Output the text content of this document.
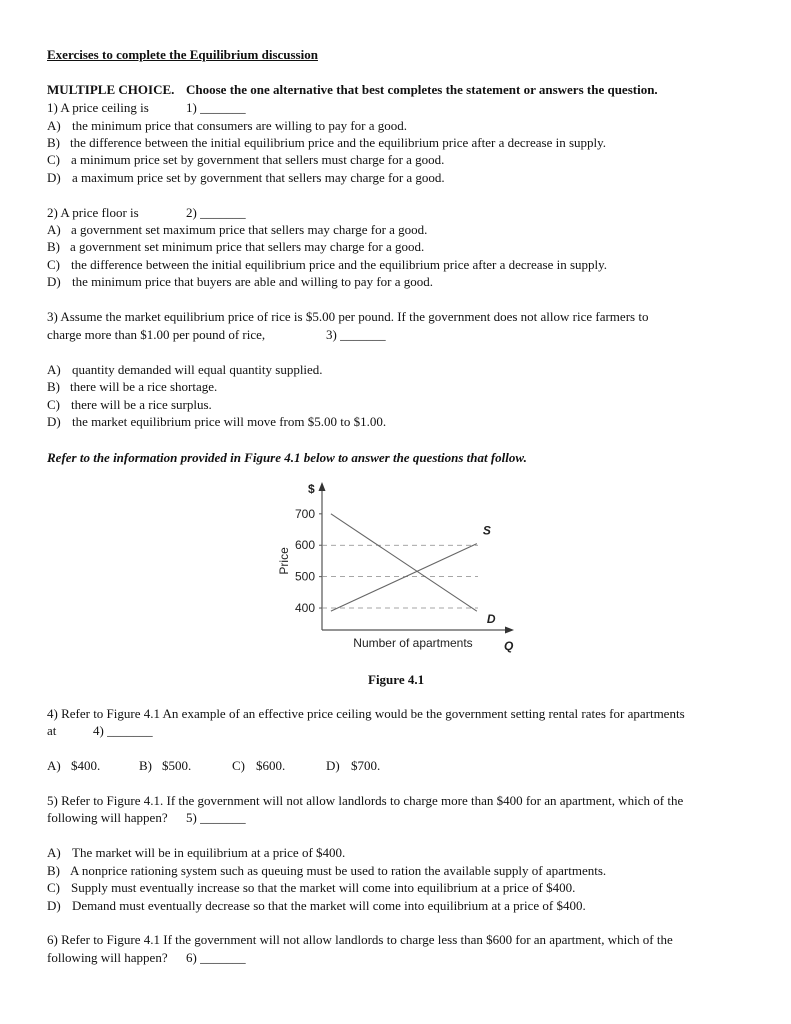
Exercises to complete the Equilibrium discussion
MULTIPLE CHOICE. Choose the one alternative that best completes the statement or answers the question.
1) A price ceiling is	1) _______
A) the minimum price that consumers are willing to pay for a good.
B) the difference between the initial equilibrium price and the equilibrium price after a decrease in supply.
C) a minimum price set by government that sellers must charge for a good.
D) a maximum price set by government that sellers may charge for a good.
2) A price floor is	2) _______
A) a government set maximum price that sellers may charge for a good.
B) a government set minimum price that sellers may charge for a good.
C) the difference between the initial equilibrium price and the equilibrium price after a decrease in supply.
D) the minimum price that buyers are able and willing to pay for a good.
3) Assume the market equilibrium price of rice is $5.00 per pound. If the government does not allow rice farmers to
charge more than $1.00 per pound of rice,	3) _______
A) quantity demanded will equal quantity supplied.
B) there will be a rice shortage.
C) there will be a rice surplus.
D) the market equilibrium price will move from $5.00 to $1.00.
Refer to the information provided in Figure 4.1 below to answer the questions that follow.
700
600
500
400
$
Price
Number of apartments	Q
S
D
Figure 4.1
4) Refer to Figure 4.1 An example of an effective price ceiling would be the government setting rental rates for apartments
at	4) _______
A) $400.	B) $500.	C) $600.	D) $700.
5) Refer to Figure 4.1. If the government will not allow landlords to charge more than $400 for an apartment, which of the
following will happen? 5) _______
A) The market will be in equilibrium at a price of $400.
B) A nonprice rationing system such as queuing must be used to ration the available supply of apartments.
C) Supply must eventually increase so that the market will come into equilibrium at a price of $400.
D) Demand must eventually decrease so that the market will come into equilibrium at a price of $400.
6) Refer to Figure 4.1 If the government will not allow landlords to charge less than $600 for an apartment, which of the
following will happen? 6) _______
